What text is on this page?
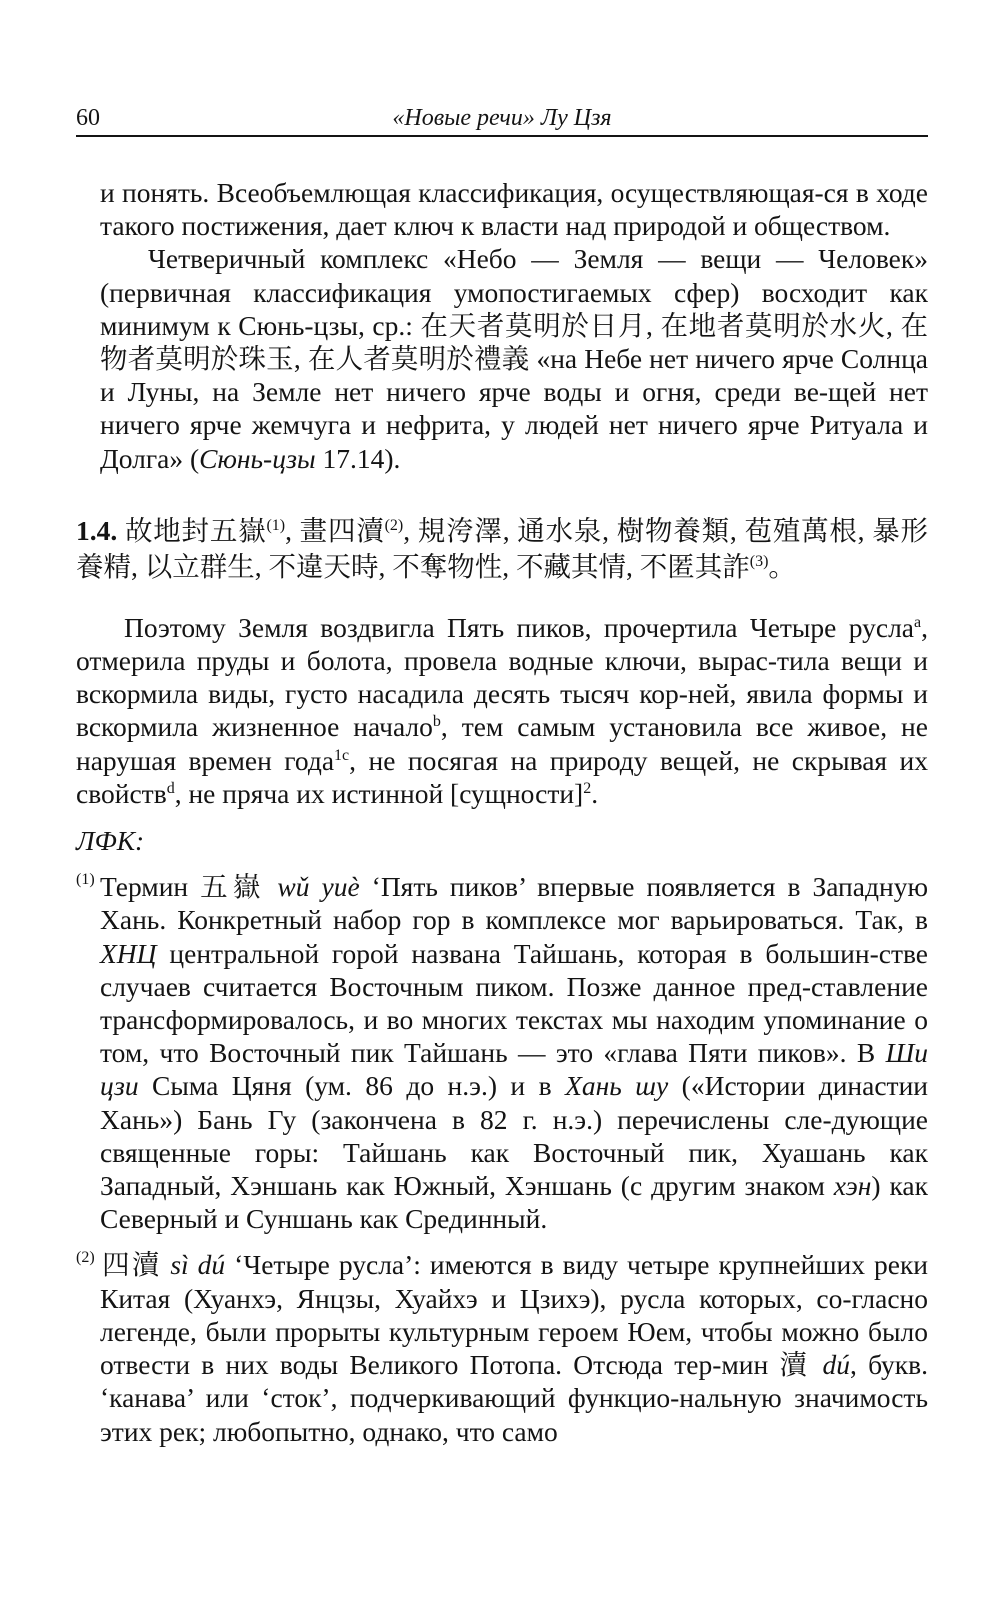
60	«Новые речи» Лу Цзя

и понять. Всеобъемлющая классификация, осуществляющая-ся в ходе такого постижения, дает ключ к власти над природой и обществом.

Четверичный комплекс «Небо — Земля — вещи — Человек» (первичная классификация умопостигаемых сфер) восходит как минимум к Сюнь-цзы, ср.: 在天者莫明於日月, 在地者莫明於水火, 在物者莫明於珠玉, 在人者莫明於禮義 «на Небе нет ничего ярче Солнца и Луны, на Земле нет ничего ярче воды и огня, среди ве-щей нет ничего ярче жемчуга и нефрита, у людей нет ничего ярче Ритуала и Долга» (Сюнь-цзы 17.14).

1.4. 故地封五嶽$^{(1)}$, 畫四瀆$^{(2)}$, 規洿澤, 通水泉, 樹物養類, 苞殖萬根, 暴形養精, 以立群生, 不違天時, 不奪物性, 不藏其情, 不匿其詐$^{(3)}$。

Поэтому Земля воздвигла Пять пиков, прочертила Четыре русла$^a$, отмерила пруды и болота, провела водные ключи, вырас-тила вещи и вскормила виды, густо насадила десять тысяч кор-ней, явила формы и вскормила жизненное начало$^b$, тем самым установила все живое, не нарушая времен года$^{1c}$, не посягая на природу вещей, не скрывая их свойств$^d$, не пряча их истинной [сущности]$^2$.

ЛФК:

(1) Термин 五嶽 wǔ yuè ‘Пять пиков’ впервые появляется в Западную Хань. Конкретный набор гор в комплексе мог варьироваться. Так, в ХНЦ центральной горой названа Тайшань, которая в большин-стве случаев считается Восточным пиком. Позже данное пред-ставление трансформировалось, и во многих текстах мы находим упоминание о том, что Восточный пик Тайшань — это «глава Пяти пиков». В Ши цзи Сыма Цяня (ум. 86 до н.э.) и в Хань шу («Истории династии Хань») Бань Гу (закончена в 82 г. н.э.) перечислены сле-дующие священные горы: Тайшань как Восточный пик, Хуашань как Западный, Хэншань как Южный, Хэншань (с другим знаком хэн) как Северный и Суншань как Срединный.

(2) 四瀆 sì dú ‘Четыре русла’: имеются в виду четыре крупнейших реки Китая (Хуанхэ, Янцзы, Хуайхэ и Цзихэ), русла которых, со-гласно легенде, были прорыты культурным героем Юем, чтобы можно было отвести в них воды Великого Потопа. Отсюда тер-мин 瀆 dú, букв. ‘канава’ или ‘сток’, подчеркивающий функцио-нальную значимость этих рек; любопытно, однако, что само
